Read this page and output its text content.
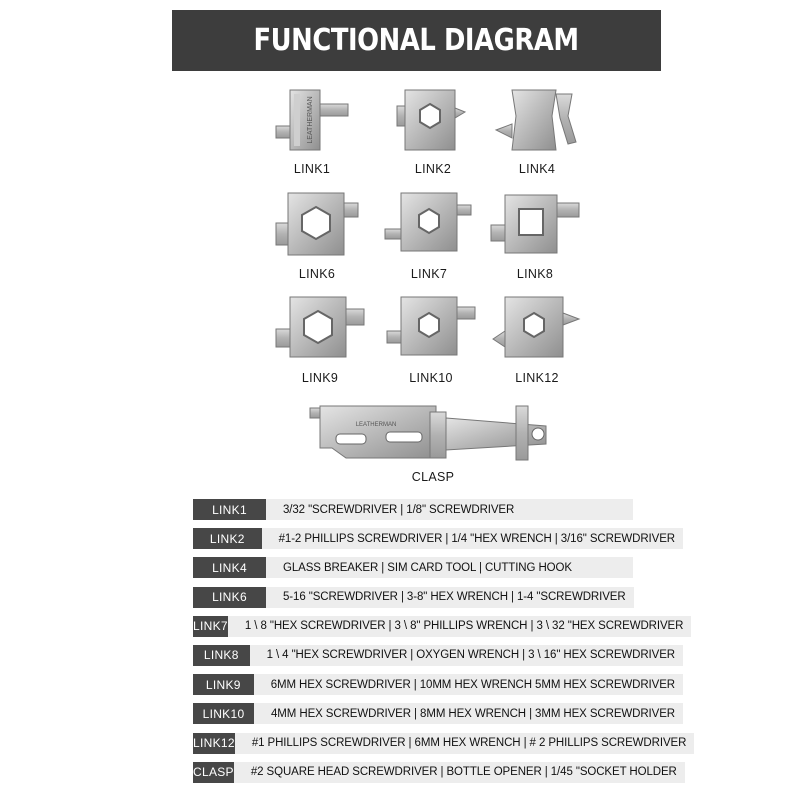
FUNCTIONAL DIAGRAM
LEATHERMAN
LINK1	LINK2	LINK4
LINK6	LINK7	LINK8
LINK9	LINK10	LINK12
LEATHERMAN
CLASP
LINK1	3/32 "SCREWDRIVER | 1/8" SCREWDRIVER
LINK2	#1-2 PHILLIPS SCREWDRIVER | 1/4 "HEX WRENCH | 3/16" SCREWDRIVER
LINK4	GLASS BREAKER | SIM CARD TOOL | CUTTING HOOK
LINK6	5-16 "SCREWDRIVER | 3-8" HEX WRENCH | 1-4 "SCREWDRIVER
LINK7	1 \ 8 "HEX SCREWDRIVER | 3 \ 8" PHILLIPS WRENCH | 3 \ 32 "HEX SCREWDRIVER
LINK8	1 \ 4 "HEX SCREWDRIVER | OXYGEN WRENCH | 3 \ 16" HEX SCREWDRIVER
LINK9	6MM HEX SCREWDRIVER | 10MM HEX WRENCH 5MM HEX SCREWDRIVER
LINK10	4MM HEX SCREWDRIVER | 8MM HEX WRENCH | 3MM HEX SCREWDRIVER
LINK12	#1 PHILLIPS SCREWDRIVER | 6MM HEX WRENCH | # 2 PHILLIPS SCREWDRIVER
CLASP	#2 SQUARE HEAD SCREWDRIVER | BOTTLE OPENER | 1/45 "SOCKET HOLDER
